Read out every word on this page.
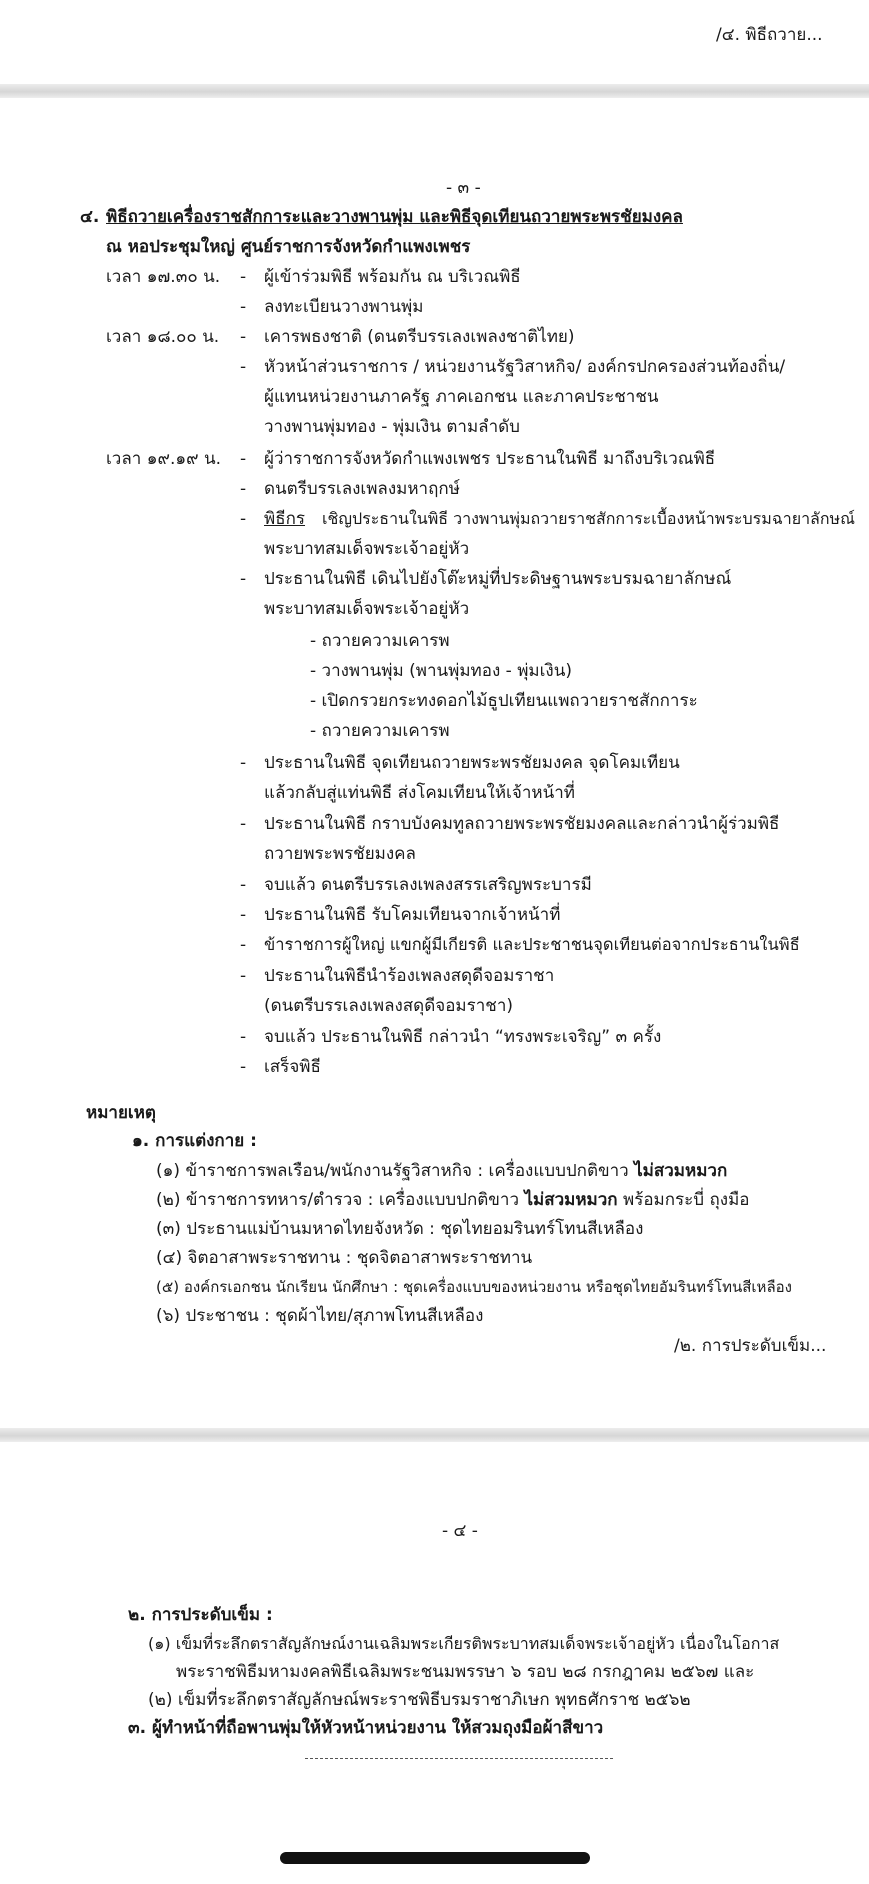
/๔. พิธีถวาย...
- ๓ -
๔. พิธีถวายเครื่องราชสักการะและวางพานพุ่ม และพิธีจุดเทียนถวายพระพรชัยมงคล
ณ หอประชุมใหญ่ ศูนย์ราชการจังหวัดกำแพงเพชร
เวลา ๑๗.๓๐ น. - ผู้เข้าร่วมพิธี พร้อมกัน ณ บริเวณพิธี
- ลงทะเบียนวางพานพุ่ม
เวลา ๑๘.๐๐ น. - เคารพธงชาติ (ดนตรีบรรเลงเพลงชาติไทย)
- หัวหน้าส่วนราชการ / หน่วยงานรัฐวิสาหกิจ/ องค์กรปกครองส่วนท้องถิ่น/
ผู้แทนหน่วยงานภาครัฐ ภาคเอกชน และภาคประชาชน
วางพานพุ่มทอง - พุ่มเงิน ตามลำดับ
เวลา ๑๙.๑๙ น. - ผู้ว่าราชการจังหวัดกำแพงเพชร ประธานในพิธี มาถึงบริเวณพิธี
- ดนตรีบรรเลงเพลงมหาฤกษ์
- พิธีกร เชิญประธานในพิธี วางพานพุ่มถวายราชสักการะเบื้องหน้าพระบรมฉายาลักษณ์
พระบาทสมเด็จพระเจ้าอยู่หัว
- ประธานในพิธี เดินไปยังโต๊ะหมู่ที่ประดิษฐานพระบรมฉายาลักษณ์
พระบาทสมเด็จพระเจ้าอยู่หัว
- ถวายความเคารพ
- วางพานพุ่ม (พานพุ่มทอง - พุ่มเงิน)
- เปิดกรวยกระทงดอกไม้ธูปเทียนแพถวายราชสักการะ
- ถวายความเคารพ
- ประธานในพิธี จุดเทียนถวายพระพรชัยมงคล จุดโคมเทียน
แล้วกลับสู่แท่นพิธี ส่งโคมเทียนให้เจ้าหน้าที่
- ประธานในพิธี กราบบังคมทูลถวายพระพรชัยมงคลและกล่าวนำผู้ร่วมพิธี
ถวายพระพรชัยมงคล
- จบแล้ว ดนตรีบรรเลงเพลงสรรเสริญพระบารมี
- ประธานในพิธี รับโคมเทียนจากเจ้าหน้าที่
- ข้าราชการผู้ใหญ่ แขกผู้มีเกียรติ และประชาชนจุดเทียนต่อจากประธานในพิธี
- ประธานในพิธีนำร้องเพลงสดุดีจอมราชา
(ดนตรีบรรเลงเพลงสดุดีจอมราชา)
- จบแล้ว ประธานในพิธี กล่าวนำ “ทรงพระเจริญ” ๓ ครั้ง
- เสร็จพิธี
หมายเหตุ
๑. การแต่งกาย :
(๑) ข้าราชการพลเรือน/พนักงานรัฐวิสาหกิจ : เครื่องแบบปกติขาว ไม่สวมหมวก
(๒) ข้าราชการทหาร/ตำรวจ : เครื่องแบบปกติขาว ไม่สวมหมวก พร้อมกระบี่ ถุงมือ
(๓) ประธานแม่บ้านมหาดไทยจังหวัด : ชุดไทยอมรินทร์โทนสีเหลือง
(๔) จิตอาสาพระราชทาน : ชุดจิตอาสาพระราชทาน
(๕) องค์กรเอกชน นักเรียน นักศึกษา : ชุดเครื่องแบบของหน่วยงาน หรือชุดไทยอัมรินทร์โทนสีเหลือง
(๖) ประชาชน : ชุดผ้าไทย/สุภาพโทนสีเหลือง
/๒. การประดับเข็ม...
- ๔ -
๒. การประดับเข็ม :
(๑) เข็มที่ระลึกตราสัญลักษณ์งานเฉลิมพระเกียรติพระบาทสมเด็จพระเจ้าอยู่หัว เนื่องในโอกาส
พระราชพิธีมหามงคลพิธีเฉลิมพระชนมพรรษา ๖ รอบ ๒๘ กรกฎาคม ๒๕๖๗ และ
(๒) เข็มที่ระลึกตราสัญลักษณ์พระราชพิธีบรมราชาภิเษก พุทธศักราช ๒๕๖๒
๓. ผู้ทำหน้าที่ถือพานพุ่มให้หัวหน้าหน่วยงาน ให้สวมถุงมือผ้าสีขาว
